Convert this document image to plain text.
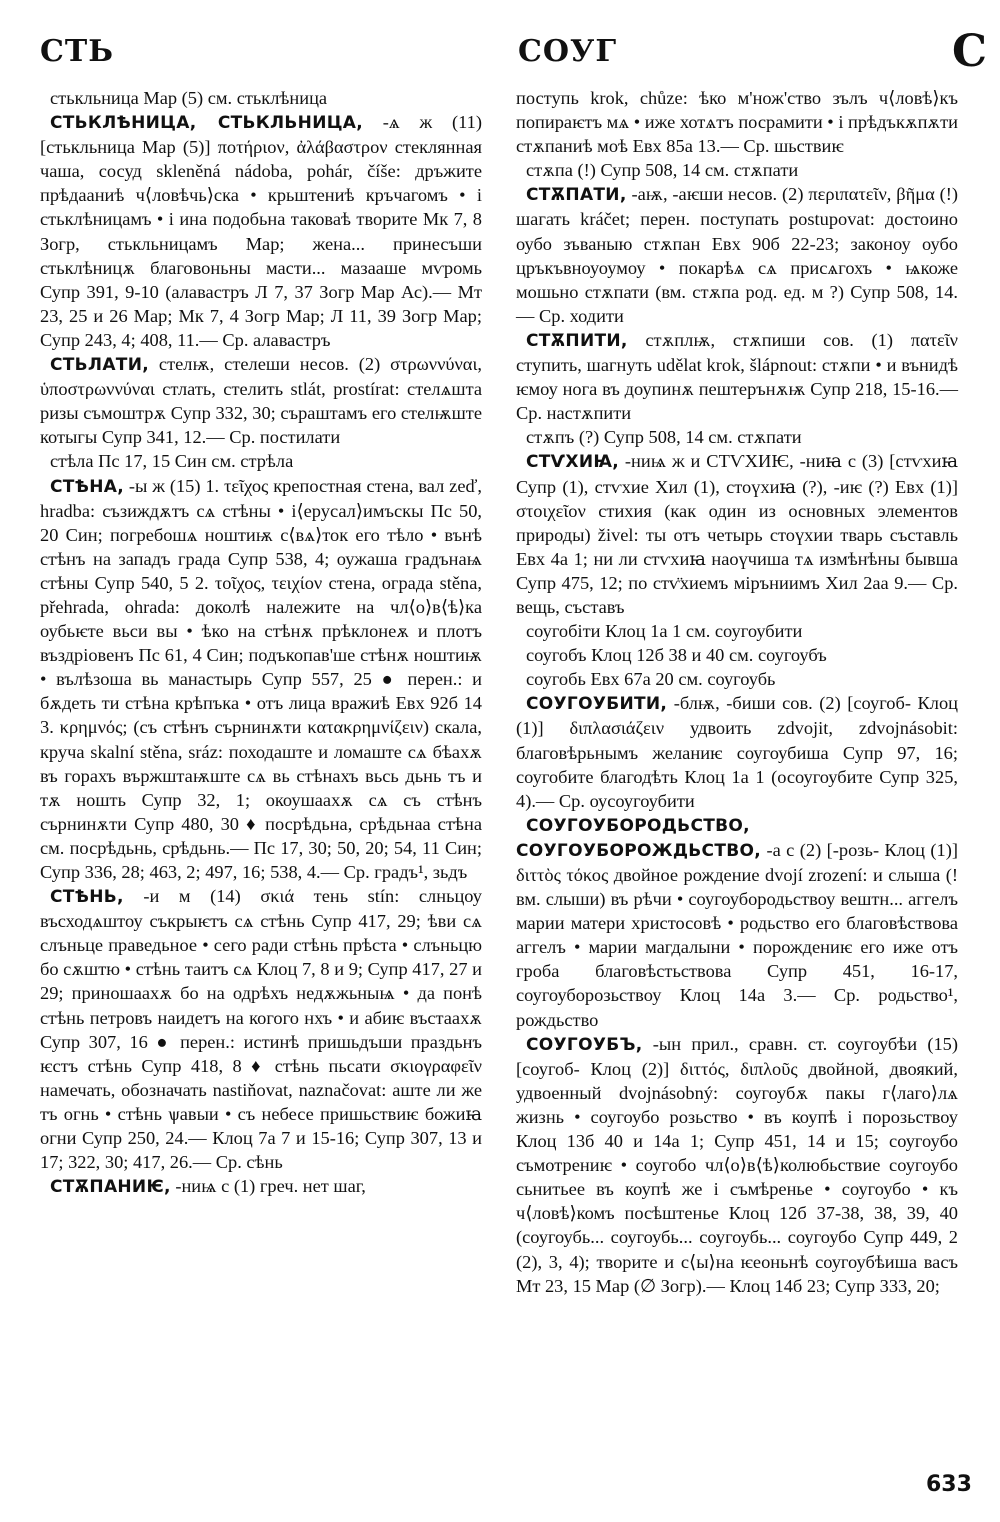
СТЬ	СОУГ	С

стькльница Мар (5) см. стьклѣница

СТЬКЛѢНИЦА, СТЬКЛЬНИЦА, -ѧ ж (11) [стькльница Мар (5)] ποτήριον, ἀλάβαστρον стеклянная чаша, сосуд skleněná nádoba, pohár, číše: дръжите прѣдааниѣ ч⟨ловѣчь⟩ска • крьштениѣ кръчагомъ • і стьклѣницамъ • і ина подобьна таковаѣ творите Мк 7, 8 Зогр, стькльницамъ Мар; жена... принесъши стьклѣницѫ благовоньны масти... мазааше мѵромь Супр 391, 9-10 (алавастръ Л 7, 37 Зогр Мар Ас).— Мт 23, 25 и 26 Мар; Мк 7, 4 Зогр Мар; Л 11, 39 Зогр Мар; Супр 243, 4; 408, 11.— Ср. алавастръ

СТЬЛАТИ, стелѭ, стелеши несов. (2) στρωννύναι, ὑποστρωννύναι стлать, стелить stlát, prostírat: стелѧшта ризы съмоштрѫ Супр 332, 30; съраштамъ его стелѭште котыгы Супр 341, 12.— Ср. постилати

стѣла Пс 17, 15 Син см. стрѣла

СТѢНА, -ы ж (15) 1. τεῖχος крепостная стена, вал zeď, hradba: съзиждѫтъ сѧ стѣны • і⟨ерусал⟩имъскы Пс 50, 20 Син; погребошѧ ноштиѭ с⟨вѧ⟩ток его тѣло • вънѣ стѣнъ на западъ града Супр 538, 4; оужаша градънаѩ стѣны Супр 540, 5 2. τοῖχος, τειχίον стена, ограда stěna, přehrada, ohrada: доколѣ належите на чл⟨о⟩в⟨ѣ⟩ка оубьѥте вьси вы • ѣко на стѣнѫ прѣклонеѫ и плотъ въздрiовенъ Пс 61, 4 Син; подъкопав'ше стѣнѫ ноштиѭ • вълѣзоша вь манастырь Супр 557, 25 ● перен.: и бѫдеть ти стѣна крѣпъка • отъ лица вражиѣ Евх 92б 14 3. κρημνός; (съ стѣнъ сърнинѫти κατακρημνίζειν) скала, круча skalní stěna, sráz: походаште и ломаште сѧ бѣахѫ въ горахъ вържштаѭште сѧ вь стѣнахъ вьсь дьнь тъ и тѫ ношть Супр 32, 1; окоушаахѫ сѧ съ стѣнъ сърнинѫти Супр 480, 30 ♦ посрѣдьна, срѣдьнаа стѣна см. посрѣдьнь, срѣдьнь.— Пс 17, 30; 50, 20; 54, 11 Син; Супр 336, 28; 463, 2; 497, 16; 538, 4.— Ср. градъ¹, зьдъ

СТѢНЬ, -и м (14) σκιά тень stín: слньцоу въсходѧштоу съкрыѥтъ сѧ стѣнь Супр 417, 29; ѣви сѧ слъньце праведьное • сего ради стѣнь прѣста • слъньцю бо сѫштю • стѣнь таитъ сѧ Клоц 7, 8 и 9; Супр 417, 27 и 29; приношаахѫ бо на одрѣхъ недѫжьныѩ • да понѣ стѣнь петровъ наидетъ на когого нхъ • и абиѥ въстаахѫ Супр 307, 16 ● перен.: истинѣ пришьдъши праздьнъ ѥстъ стѣнь Супр 418, 8 ♦ стѣнь пьсати σκιογραφεῖν намечать, обозначать nastiňovat, naznačovat: аште ли же тъ огнь • стѣнь ѱавыи • съ небесе пришьствиѥ божиꙗ огни Супр 250, 24.— Клоц 7а 7 и 15-16; Супр 307, 13 и 17; 322, 30; 417, 26.— Ср. сѣнь

СТѪПАНИѤ, -ниѩ с (1) греч. нет шаг,

поступь krok, chůze: ѣко м'нож'ство зълъ ч⟨ловѣ⟩къ попираѥтъ мѧ • иже хотѧтъ посрамити • і прѣдъкѫпѫти стѫпаниѣ моѣ Евх 85а 13.— Ср. шьствиѥ

стѫпа (!) Супр 508, 14 см. стѫпати

СТѪПАТИ, -аѭ, -аѥши несов. (2) περιπατεῖν, βῆμα (!) шагать kráčet; перен. поступать postupovat: достоино оубо зъваныю стѫпан Евх 90б 22-23; законоу оубо цръкъвноуоумоу • покарѣѧ сѧ присѧгохъ • ѩкоже мошьно стѫпати (вм. стѫпа род. ед. м ?) Супр 508, 14.— Ср. ходити

СТѪПИТИ, стѫплѭ, стѫпиши сов. (1) πατεῖν ступить, шагнуть udělat krok, šlápnout: стѫпи • и вънидѣ ѥмоу нога въ доупинѫ пештерънѫѭ Супр 218, 15-16.— Ср. настѫпити

стѫпъ (?) Супр 508, 14 см. стѫпати

СТѴХИꙖ, -ниѩ ж и СТѴХИѤ, -ниꙗ с (3) [стѵхиꙗ Супр (1), стѵхие Хил (1), стоүхиꙗ (?), -иѥ (?) Евх (1)] στοιχεῖον стихия (как один из основных элементов природы) živel: ты отъ четырь стоүхии тварь съставль Евх 4а 1; ни ли стѵхиꙗ наоүчиша тѧ измѣнѣны бывша Супр 475, 12; по стѵ̈хиемъ мiръниимъ Хил 2аа 9.— Ср. вещь, съставъ

соугобiти Клоц 1а 1 см. соугоубити

соугобъ Клоц 12б 38 и 40 см. соугоубъ

соугобь Евх 67а 20 см. соугоубь

СОУГОУБИТИ, -блѭ, -биши сов. (2) [соугоб- Клоц (1)] διπλασιάζειν удвоить zdvojit, zdvojnásobit: благовѣрьнымъ желаниѥ соугоубиша Супр 97, 16; соугобите благодѣть Клоц 1а 1 (осоугоубите Супр 325, 4).— Ср. оусоугоубити

СОУГОУБОРОДЬСТВО, СОУГОУБОРОЖДЬСТВО, -а с (2) [-розь- Клоц (1)] διττὸς τόκος двойное рождение dvojí zrození: и слыша (! вм. слыши) въ рѣчи • соугоубородьствоу вештн... аггелъ марии матери христосовѣ • родьство его благовѣствова аггелъ • марии магдалыни • порождениѥ его иже отъ гроба благовѣстьствова Супр 451, 16-17, соугоуборозьствоу Клоц 14а 3.— Ср. родьство¹, рождьство

СОУГОУБЪ, -ын прил., сравн. ст. соугоубѣи (15) [соугоб- Клоц (2)] διττός, διπλοῦς двойной, двоякий, удвоенный dvojnásobný: соугоубѫ пакы г⟨лаго⟩лѧ жизнь • соугоубо розьство • въ коупѣ і порозьствоу Клоц 13б 40 и 14а 1; Супр 451, 14 и 15; соугоубо съмотрениѥ • соугобо чл⟨о⟩в⟨ѣ⟩колюбьствие соугоубо сьнитьее въ коупѣ же і съмѣренье • соугоубо • къ ч⟨ловѣ⟩комъ посѣштенье Клоц 12б 37-38, 38, 39, 40 (соугоубь... соугоубь... соугоубь... соугоубо Супр 449, 2 (2), 3, 4); творите и с⟨ы⟩на ѥеоньнѣ соугоубѣиша васъ Мт 23, 15 Мар (∅ Зогр).— Клоц 14б 23; Супр 333, 20;

633
